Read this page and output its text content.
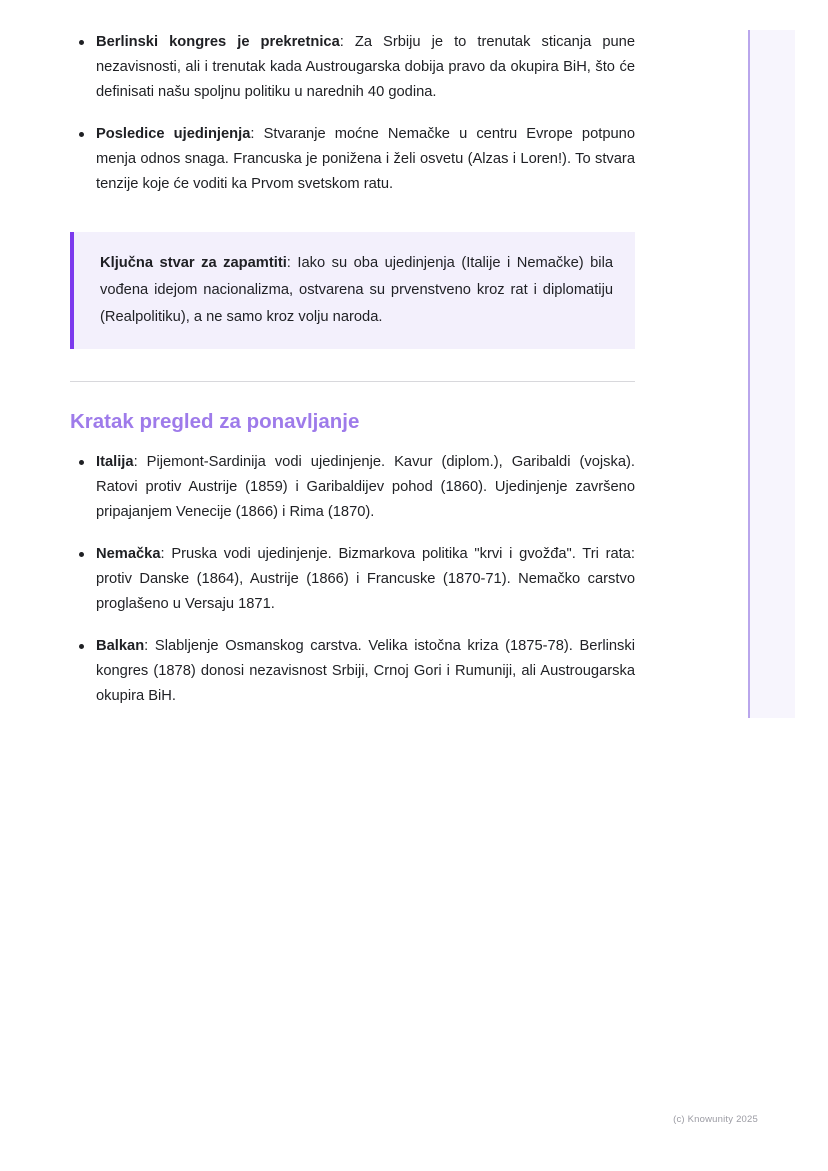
Berlinski kongres je prekretnica: Za Srbiju je to trenutak sticanja pune nezavisnosti, ali i trenutak kada Austrougarska dobija pravo da okupira BiH, što će definisati našu spoljnu politiku u narednih 40 godina.
Posledice ujedinjenja: Stvaranje moćne Nemačke u centru Evrope potpuno menja odnos snaga. Francuska je ponižena i želi osvetu (Alzas i Loren!). To stvara tenzije koje će voditi ka Prvom svetskom ratu.

Ključna stvar za zapamtiti: Iako su oba ujedinjenja (Italije i Nemačke) bila vođena idejom nacionalizma, ostvarena su prvenstveno kroz rat i diplomatiju (Realpolitiku), a ne samo kroz volju naroda.

Kratak pregled za ponavljanje
Italija: Pijemont-Sardinija vodi ujedinjenje. Kavur (diplom.), Garibaldi (vojska). Ratovi protiv Austrije (1859) i Garibaldijev pohod (1860). Ujedinjenje završeno pripajanjem Venecije (1866) i Rima (1870).
Nemačka: Pruska vodi ujedinjenje. Bizmarkova politika "krvi i gvožđa". Tri rata: protiv Danske (1864), Austrije (1866) i Francuske (1870-71). Nemačko carstvo proglašeno u Versaju 1871.
Balkan: Slabljenje Osmanskog carstva. Velika istočna kriza (1875-78). Berlinski kongres (1878) donosi nezavisnost Srbiji, Crnoj Gori i Rumuniji, ali Austrougarska okupira BiH.
(c) Knowunity 2025
